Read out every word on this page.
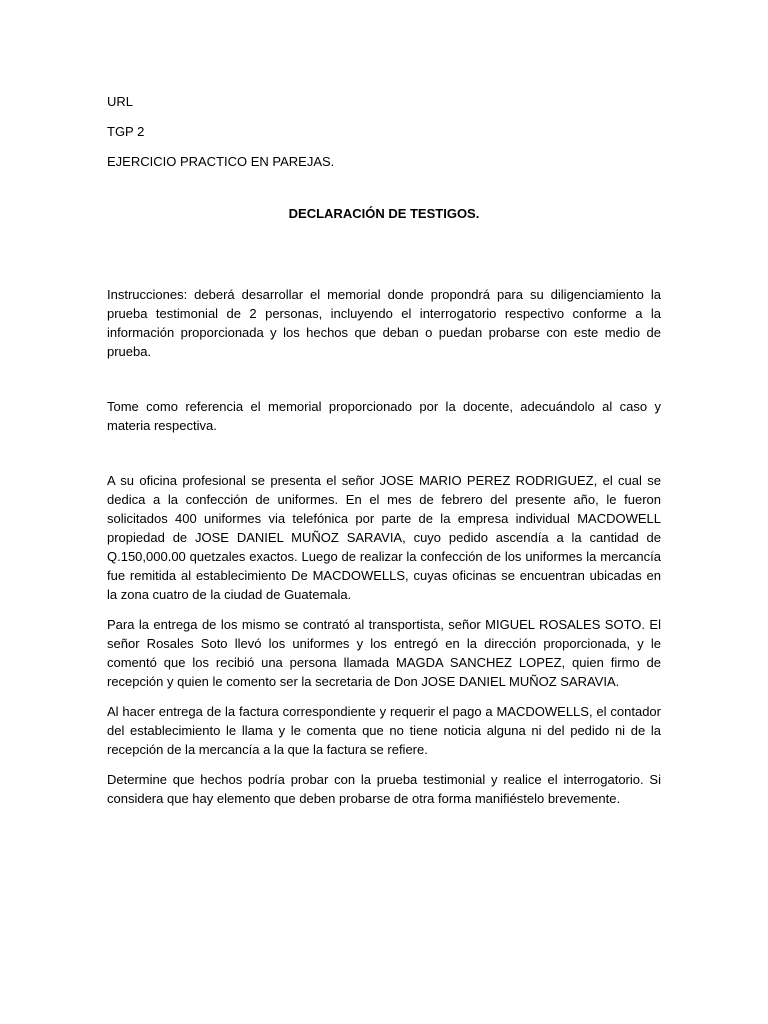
URL

TGP 2

EJERCICIO PRACTICO EN PAREJAS.

DECLARACIÓN DE TESTIGOS.

Instrucciones: deberá desarrollar el memorial donde propondrá para su diligenciamiento la prueba testimonial de 2 personas, incluyendo el interrogatorio respectivo conforme a la información proporcionada y los hechos que deban o puedan probarse con este medio de prueba.

Tome como referencia el memorial proporcionado por la docente, adecuándolo al caso y materia respectiva.

A su oficina profesional se presenta el señor JOSE MARIO PEREZ RODRIGUEZ, el cual se dedica a la confección de uniformes. En el mes de febrero del presente año, le fueron solicitados 400 uniformes via telefónica por parte de la empresa individual MACDOWELL propiedad de JOSE DANIEL MUÑOZ SARAVIA, cuyo pedido ascendía a la cantidad de Q.150,000.00 quetzales exactos. Luego de realizar la confección de los uniformes la mercancía fue remitida al establecimiento De MACDOWELLS, cuyas oficinas se encuentran ubicadas en la zona cuatro de la ciudad de Guatemala.

Para la entrega de los mismo se contrató al transportista, señor MIGUEL ROSALES SOTO. El señor Rosales Soto llevó los uniformes y los entregó en la dirección proporcionada, y le comentó que los recibió una persona llamada MAGDA SANCHEZ LOPEZ, quien firmo de recepción y quien le comento ser la secretaria de Don JOSE DANIEL MUÑOZ SARAVIA.

Al hacer entrega de la factura correspondiente y requerir el pago a MACDOWELLS, el contador del establecimiento le llama y le comenta que no tiene noticia alguna ni del pedido ni de la recepción de la mercancía a la que la factura se refiere.

Determine que hechos podría probar con la prueba testimonial y realice el interrogatorio. Si considera que hay elemento que deben probarse de otra forma manifiéstelo brevemente.
